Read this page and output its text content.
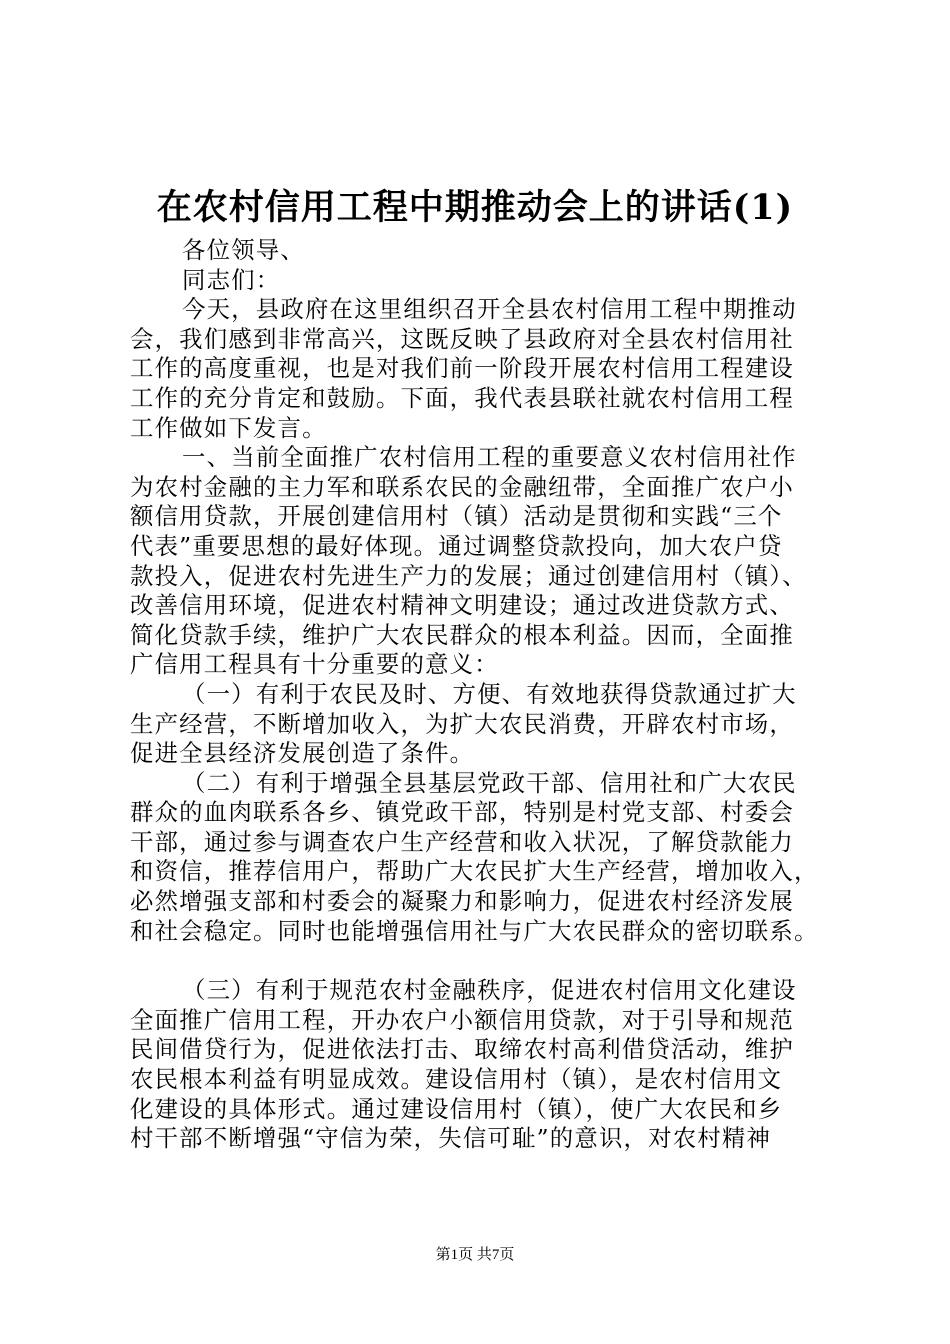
在农村信用工程中期推动会上的讲话(1)
各位领导、
同志们：
今天，县政府在这里组织召开全县农村信用工程中期推动
会，我们感到非常高兴，这既反映了县政府对全县农村信用社
工作的高度重视，也是对我们前一阶段开展农村信用工程建设
工作的充分肯定和鼓励。下面，我代表县联社就农村信用工程
工作做如下发言。
一、当前全面推广农村信用工程的重要意义农村信用社作
为农村金融的主力军和联系农民的金融纽带，全面推广农户小
额信用贷款，开展创建信用村（镇）活动是贯彻和实践“三个
代表”重要思想的最好体现。通过调整贷款投向，加大农户贷
款投入，促进农村先进生产力的发展；通过创建信用村（镇）、
改善信用环境，促进农村精神文明建设；通过改进贷款方式、
简化贷款手续，维护广大农民群众的根本利益。因而，全面推
广信用工程具有十分重要的意义：
（一）有利于农民及时、方便、有效地获得贷款通过扩大
生产经营，不断增加收入，为扩大农民消费，开辟农村市场，
促进全县经济发展创造了条件。
（二）有利于增强全县基层党政干部、信用社和广大农民
群众的血肉联系各乡、镇党政干部，特别是村党支部、村委会
干部，通过参与调查农户生产经营和收入状况，了解贷款能力
和资信，推荐信用户，帮助广大农民扩大生产经营，增加收入，
必然增强支部和村委会的凝聚力和影响力，促进农村经济发展
和社会稳定。同时也能增强信用社与广大农民群众的密切联系。
（三）有利于规范农村金融秩序，促进农村信用文化建设
全面推广信用工程，开办农户小额信用贷款，对于引导和规范
民间借贷行为，促进依法打击、取缔农村高利借贷活动，维护
农民根本利益有明显成效。建设信用村（镇），是农村信用文
化建设的具体形式。通过建设信用村（镇），使广大农民和乡
村干部不断增强“守信为荣，失信可耻”的意识，对农村精神
第1页 共7页
